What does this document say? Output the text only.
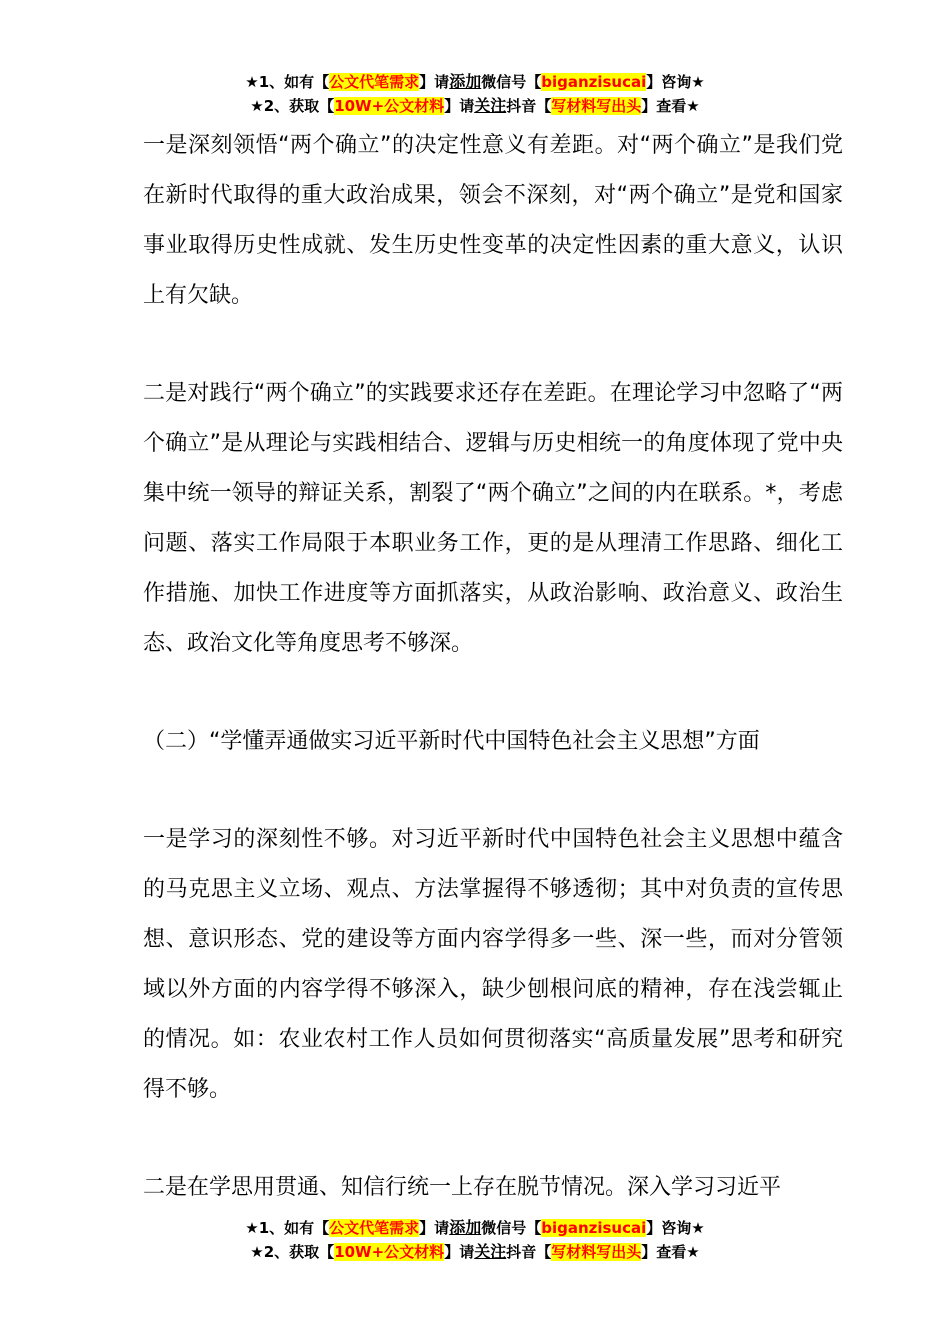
★1、如有【公文代笔需求】请添加微信号【biganzisucai】咨询★
★2、获取【10W+公文材料】请关注抖音【写材料写出头】查看★

一是深刻领悟“两个确立”的决定性意义有差距。对“两个确立”是我们党在新时代取得的重大政治成果，领会不深刻，对“两个确立”是党和国家事业取得历史性成就、发生历史性变革的决定性因素的重大意义，认识上有欠缺。

二是对践行“两个确立”的实践要求还存在差距。在理论学习中忽略了“两个确立”是从理论与实践相结合、逻辑与历史相统一的角度体现了党中央集中统一领导的辩证关系，割裂了“两个确立”之间的内在联系。*，考虑问题、落实工作局限于本职业务工作，更的是从理清工作思路、细化工作措施、加快工作进度等方面抓落实，从政治影响、政治意义、政治生态、政治文化等角度思考不够深。

（二）“学懂弄通做实习近平新时代中国特色社会主义思想”方面

一是学习的深刻性不够。对习近平新时代中国特色社会主义思想中蕴含的马克思主义立场、观点、方法掌握得不够透彻；其中对负责的宣传思想、意识形态、党的建设等方面内容学得多一些、深一些，而对分管领域以外方面的内容学得不够深入，缺少刨根问底的精神，存在浅尝辄止的情况。如：农业农村工作人员如何贯彻落实“高质量发展”思考和研究得不够。

二是在学思用贯通、知信行统一上存在脱节情况。深入学习习近平

★1、如有【公文代笔需求】请添加微信号【biganzisucai】咨询★
★2、获取【10W+公文材料】请关注抖音【写材料写出头】查看★
